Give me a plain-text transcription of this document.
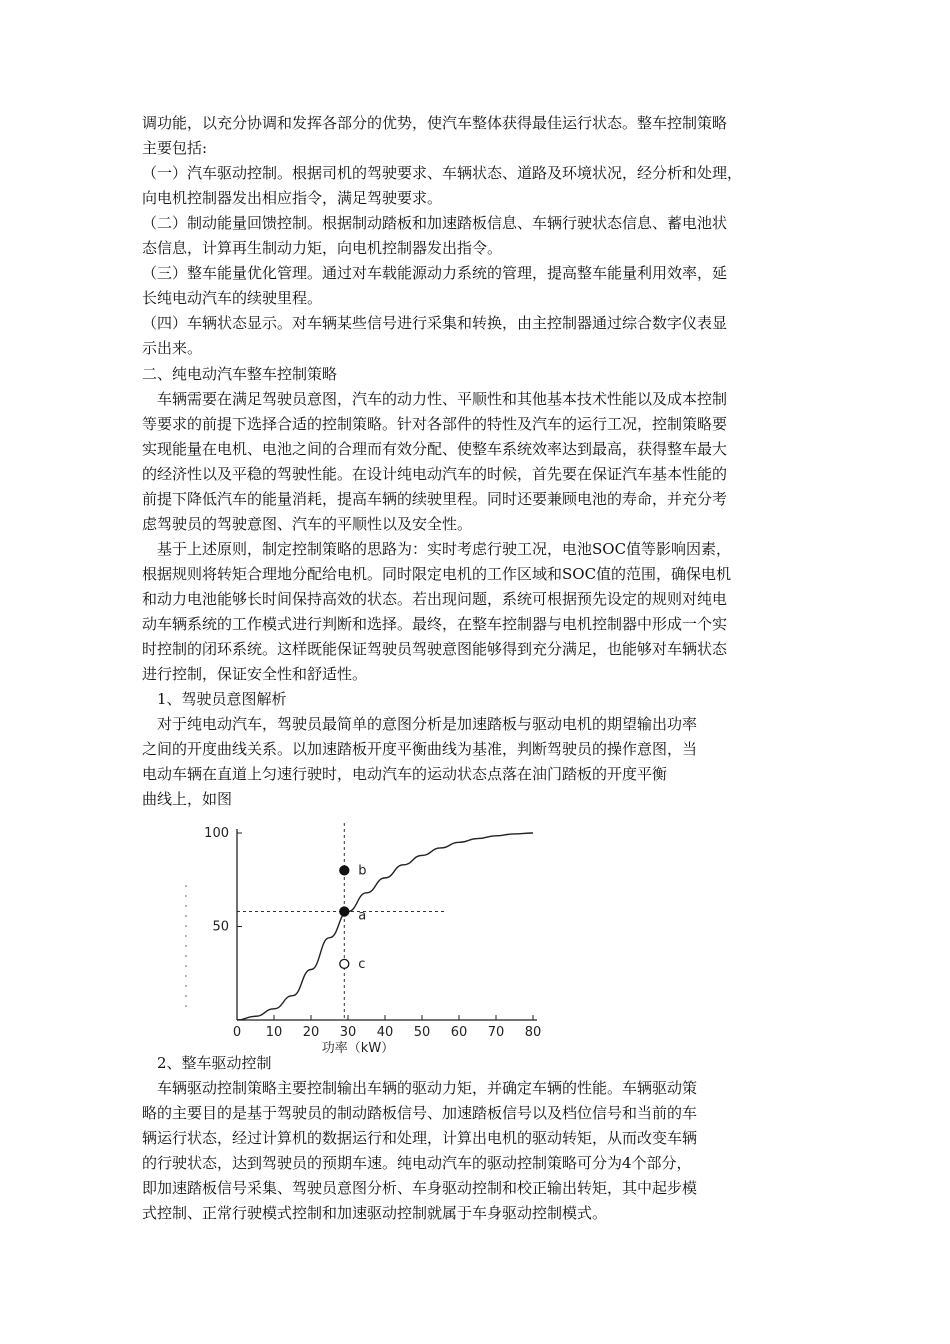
调功能，以充分协调和发挥各部分的优势，使汽车整体获得最佳运行状态。整车控制策略
主要包括:
（一）汽车驱动控制。根据司机的驾驶要求、车辆状态、道路及环境状况，经分析和处理，
向电机控制器发出相应指令，满足驾驶要求。
（二）制动能量回馈控制。根据制动踏板和加速踏板信息、车辆行驶状态信息、蓄电池状
态信息，计算再生制动力矩，向电机控制器发出指令。
（三）整车能量优化管理。通过对车载能源动力系统的管理，提高整车能量利用效率，延
长纯电动汽车的续驶里程。
（四）车辆状态显示。对车辆某些信号进行采集和转换，由主控制器通过综合数字仪表显
示出来。
二、纯电动汽车整车控制策略
　车辆需要在满足驾驶员意图，汽车的动力性、平顺性和其他基本技术性能以及成本控制
等要求的前提下选择合适的控制策略。针对各部件的特性及汽车的运行工况，控制策略要
实现能量在电机、电池之间的合理而有效分配、使整车系统效率达到最高，获得整车最大
的经济性以及平稳的驾驶性能。在设计纯电动汽车的时候，首先要在保证汽车基本性能的
前提下降低汽车的能量消耗，提高车辆的续驶里程。同时还要兼顾电池的寿命，并充分考
虑驾驶员的驾驶意图、汽车的平顺性以及安全性。
　基于上述原则，制定控制策略的思路为：实时考虑行驶工况，电池SOC值等影响因素，
根据规则将转矩合理地分配给电机。同时限定电机的工作区域和SOC值的范围，确保电机
和动力电池能够长时间保持高效的状态。若出现问题，系统可根据预先设定的规则对纯电
动车辆系统的工作模式进行判断和选择。最终，在整车控制器与电机控制器中形成一个实
时控制的闭环系统。这样既能保证驾驶员驾驶意图能够得到充分满足，也能够对车辆状态
进行控制，保证安全性和舒适性。
　1、驾驶员意图解析
　对于纯电动汽车，驾驶员最简单的意图分析是加速踏板与驱动电机的期望输出功率
之间的开度曲线关系。以加速踏板开度平衡曲线为基准，判断驾驶员的操作意图，当
电动车辆在直道上匀速行驶时，电动汽车的运动状态点落在油门踏板的开度平衡
曲线上，如图
0 10 20 30 40 50 60 70 80
50
100
功率（kW）
b
a
c
　2、整车驱动控制
　车辆驱动控制策略主要控制输出车辆的驱动力矩，并确定车辆的性能。车辆驱动策
略的主要目的是基于驾驶员的制动踏板信号、加速踏板信号以及档位信号和当前的车
辆运行状态，经过计算机的数据运行和处理，计算出电机的驱动转矩，从而改变车辆
的行驶状态，达到驾驶员的预期车速。纯电动汽车的驱动控制策略可分为4个部分，
即加速踏板信号采集、驾驶员意图分析、车身驱动控制和校正输出转矩，其中起步模
式控制、正常行驶模式控制和加速驱动控制就属于车身驱动控制模式。
